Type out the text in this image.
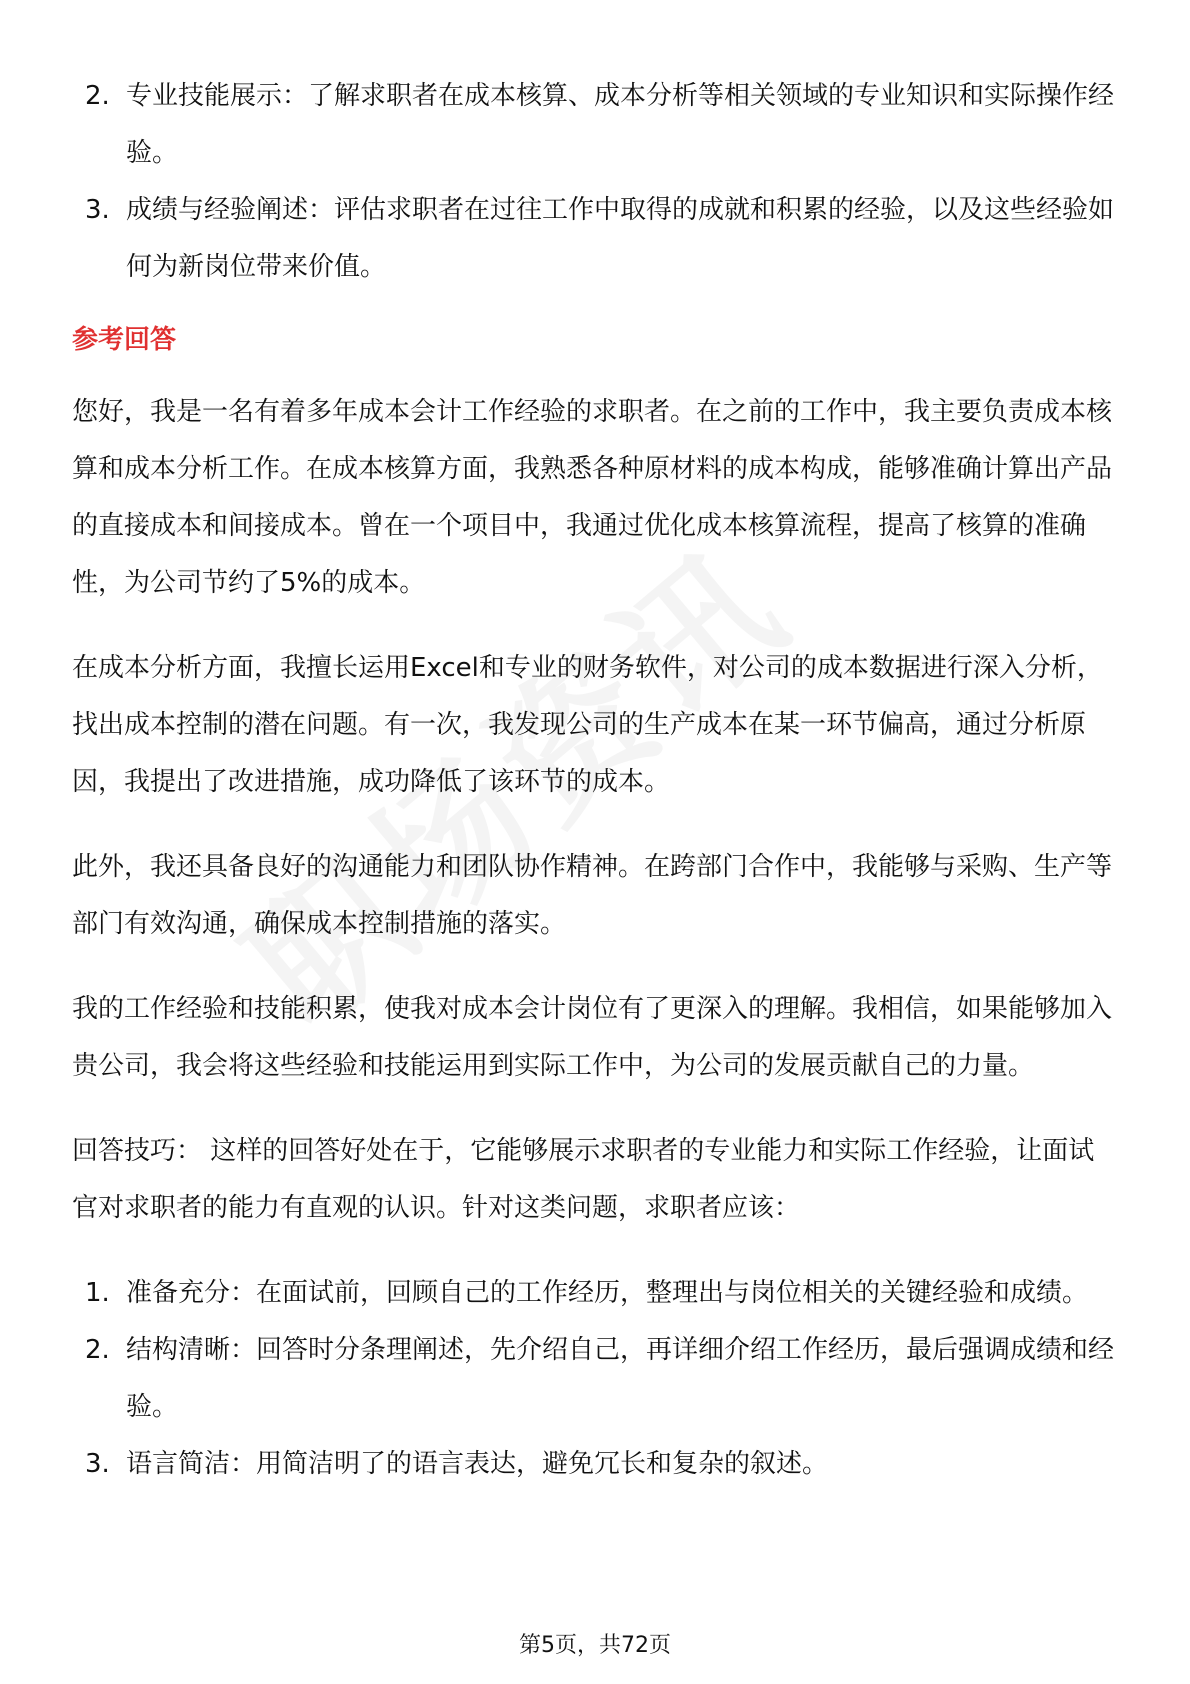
2. 专业技能展示：了解求职者在成本核算、成本分析等相关领域的专业知识和实际操作经验。
3. 成绩与经验阐述：评估求职者在过往工作中取得的成就和积累的经验，以及这些经验如何为新岗位带来价值。
参考回答

您好，我是一名有着多年成本会计工作经验的求职者。在之前的工作中，我主要负责成本核算和成本分析工作。在成本核算方面，我熟悉各种原材料的成本构成，能够准确计算出产品的直接成本和间接成本。曾在一个项目中，我通过优化成本核算流程，提高了核算的准确性，为公司节约了5%的成本。

在成本分析方面，我擅长运用Excel和专业的财务软件，对公司的成本数据进行深入分析，找出成本控制的潜在问题。有一次，我发现公司的生产成本在某一环节偏高，通过分析原因，我提出了改进措施，成功降低了该环节的成本。

此外，我还具备良好的沟通能力和团队协作精神。在跨部门合作中，我能够与采购、生产等部门有效沟通，确保成本控制措施的落实。

我的工作经验和技能积累，使我对成本会计岗位有了更深入的理解。我相信，如果能够加入贵公司，我会将这些经验和技能运用到实际工作中，为公司的发展贡献自己的力量。

回答技巧： 这样的回答好处在于，它能够展示求职者的专业能力和实际工作经验，让面试官对求职者的能力有直观的认识。针对这类问题，求职者应该：

1. 准备充分：在面试前，回顾自己的工作经历，整理出与岗位相关的关键经验和成绩。
2. 结构清晰：回答时分条理阐述，先介绍自己，再详细介绍工作经历，最后强调成绩和经验。
3. 语言简洁：用简洁明了的语言表达，避免冗长和复杂的叙述。
第5页，共72页
